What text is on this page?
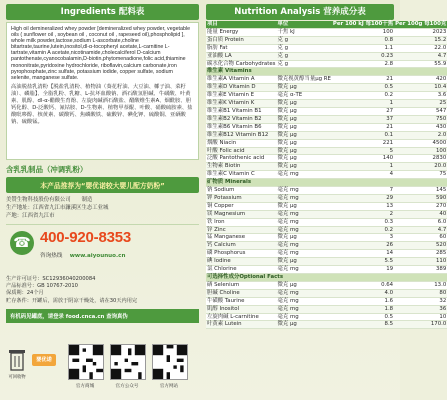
Ingredients 配料表

High oil demineralized whey powder [demineralized whey powder, vegetable oils ( sunflower oil , soybean oil , coconut oil , rapeseed oil),phospholipid ], whole milk powder,lactose,sodium L-ascorbate,choline bitartrate,taurine,lutein,inositol,dl-α-tocopheryl acetate,L-carnitine L-tartrate,vitamin A acetate,nicotinamide,cholecalciferol D-calcium pantothenate,cyanocobalamin,D-biotin,phytomenadione,folic acid,thiamine mononitrate,pyridoxine hydrochloride, riboflavin,calcium carbonate,iron pyrophosphate,zinc sulfate, potassium iodide, copper sulfate, sodium selenite, manganese sulfate.

高油脱盐乳清粉【脱盐乳清粉、植物油（葵花籽油、大豆油、椰子油、菜籽油）、磷脂】、全脂乳粉、乳糖、L-抗坏血酸钠、酒石酸氢胆碱、牛磺酸、叶黄素、肌醇、dl-α-醋酸生育酚、左旋肉碱酒石酸盐、醋酸维生素A、烟酰胺、胆钙化醇、D-泛酸钙、氰钴胺、D-生物素、植物甲萘醌、叶酸、硝酸硫胺素、盐酸吡哆醇、核黄素、碳酸钙、焦磷酸铁、硫酸锌、碘化钾、硫酸铜、亚硒酸钠、硫酸锰。

含乳乳制品（冲调乳粉）
本产品推荐为“婴优诺较大婴儿配方奶粉”
美赞生物科技股份有限公司　　制造
生产地址：江西省九江市濂溪区生态工业城
产地：江西省九江市
☎ 400-920-8353
咨询热线　 www.aiyounuo.cn
生产许可证号：SC12936040200084
产品标准号：GB 10767-2010
保质期：24个月
贮存条件：开罐后，需放于阴凉干燥处，请在30天内用完
有机码见罐底，请登录 food.cnca.cn 查询真伪
可回收物
婴优诺
官方商城	官方公众号	官方网站
Nutrition Analysis 营养成分表
项目	单位	Per 100 kJ 每100千焦	Per 100g 每100克
能量 Energy	千焦 kJ	100	2023
蛋白质 Protein	克 g	0.8	15.2
脂肪 Fat	克 g	1.1	22.0
亚油酸 LA	克 g	0.23	4.7
碳水化合物 Carbohydrates	克 g	2.8	55.9
维生素 Vitamins			
维生素A Vitamin A	微克视黄醇当量μg RE	21	420
维生素D Vitamin D	微克 μg	0.5	10.4
维生素E Vitamin E	毫克 α-TE	0.2	3.6
维生素K Vitamin K	微克 μg	1	25
维生素B1 Vitamin B1	微克 μg	27	547
维生素B2 Vitamin B2	微克 μg	37	750
维生素B6 Vitamin B6	微克 μg	21	430
维生素B12 Vitamin B12	微克 μg	0.1	2.0
烟酸 Niacin	微克 μg	221	4500
叶酸 Folic acid	微克 μg	5	100
泛酸 Pantothenic acid	微克 μg	140	2830
生物素 Biotin	微克 μg	1	20.0
维生素C Vitamin C	毫克 mg	4	75
矿物质 Minerals			
钠 Sodium	毫克 mg	7	145
钾 Potassium	毫克 mg	29	590
铜 Copper	微克 μg	13	270
镁 Magnesium	毫克 mg	2	40
铁 Iron	毫克 mg	0.3	6.0
锌 Zinc	毫克 mg	0.2	4.7
锰 Manganese	微克 μg	3	60
钙 Calcium	毫克 mg	26	520
磷 Phosphorus	毫克 mg	14	285
碘 Iodine	微克 μg	5.5	110
氯 Chlorine	毫克 mg	19	389
可选择性成分Optional Facts			
硒 Selenium	微克 μg	0.64	13.0
胆碱 Choline	毫克 mg	4.0	80
牛磺酸 Taurine	毫克 mg	1.6	32
肌醇 Inositol	毫克 mg	1.8	36
左旋肉碱 L-carnitine	毫克 mg	0.5	10
叶黄素 Lutein	微克 μg	8.5	170.0
